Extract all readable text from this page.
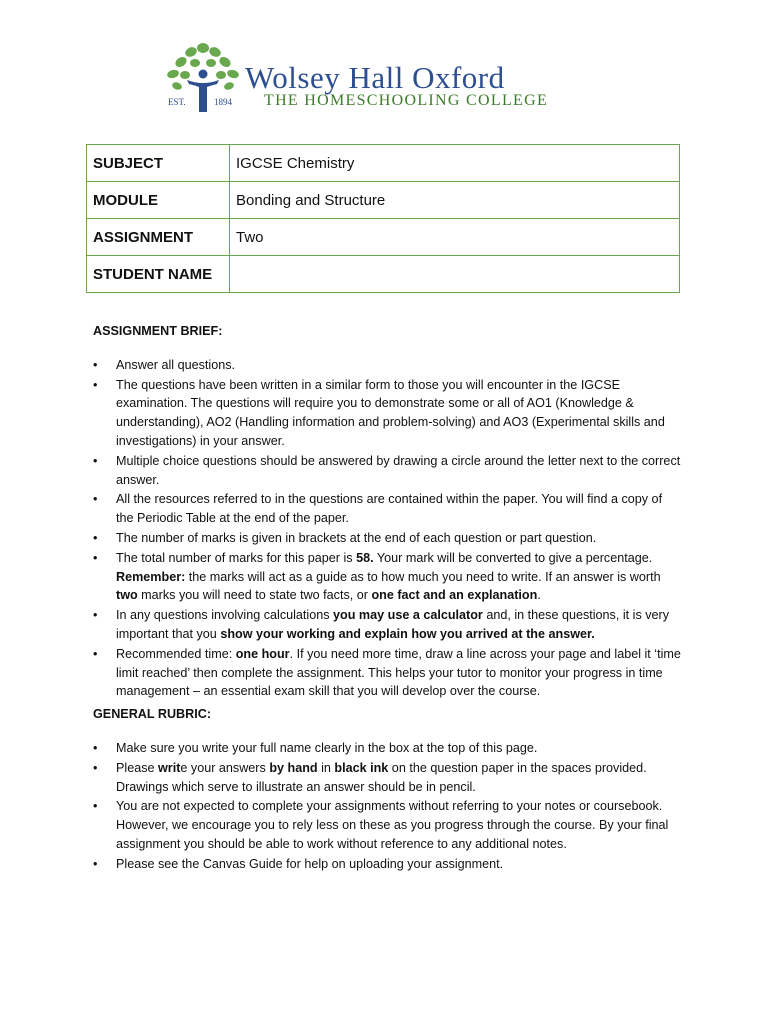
EST.	1894
Wolsey Hall Oxford
THE HOMESCHOOLING COLLEGE
SUBJECT	IGCSE Chemistry
MODULE	Bonding and Structure
ASSIGNMENT	Two
STUDENT NAME	

ASSIGNMENT BRIEF:

• Answer all questions.
• The questions have been written in a similar form to those you will encounter in the IGCSE examination. The questions will require you to demonstrate some or all of AO1 (Knowledge & understanding), AO2 (Handling information and problem-solving) and AO3 (Experimental skills and investigations) in your answer.
• Multiple choice questions should be answered by drawing a circle around the letter next to the correct answer.
• All the resources referred to in the questions are contained within the paper. You will find a copy of the Periodic Table at the end of the paper.
• The number of marks is given in brackets at the end of each question or part question.
• The total number of marks for this paper is 58. Your mark will be converted to give a percentage. Remember: the marks will act as a guide as to how much you need to write. If an answer is worth two marks you will need to state two facts, or one fact and an explanation.
• In any questions involving calculations you may use a calculator and, in these questions, it is very important that you show your working and explain how you arrived at the answer.
• Recommended time: one hour. If you need more time, draw a line across your page and label it ‘time limit reached’ then complete the assignment. This helps your tutor to monitor your progress in time management – an essential exam skill that you will develop over the course.

GENERAL RUBRIC:

• Make sure you write your full name clearly in the box at the top of this page.
• Please write your answers by hand in black ink on the question paper in the spaces provided. Drawings which serve to illustrate an answer should be in pencil.
• You are not expected to complete your assignments without referring to your notes or coursebook. However, we encourage you to rely less on these as you progress through the course. By your final assignment you should be able to work without reference to any additional notes.
• Please see the Canvas Guide for help on uploading your assignment.
